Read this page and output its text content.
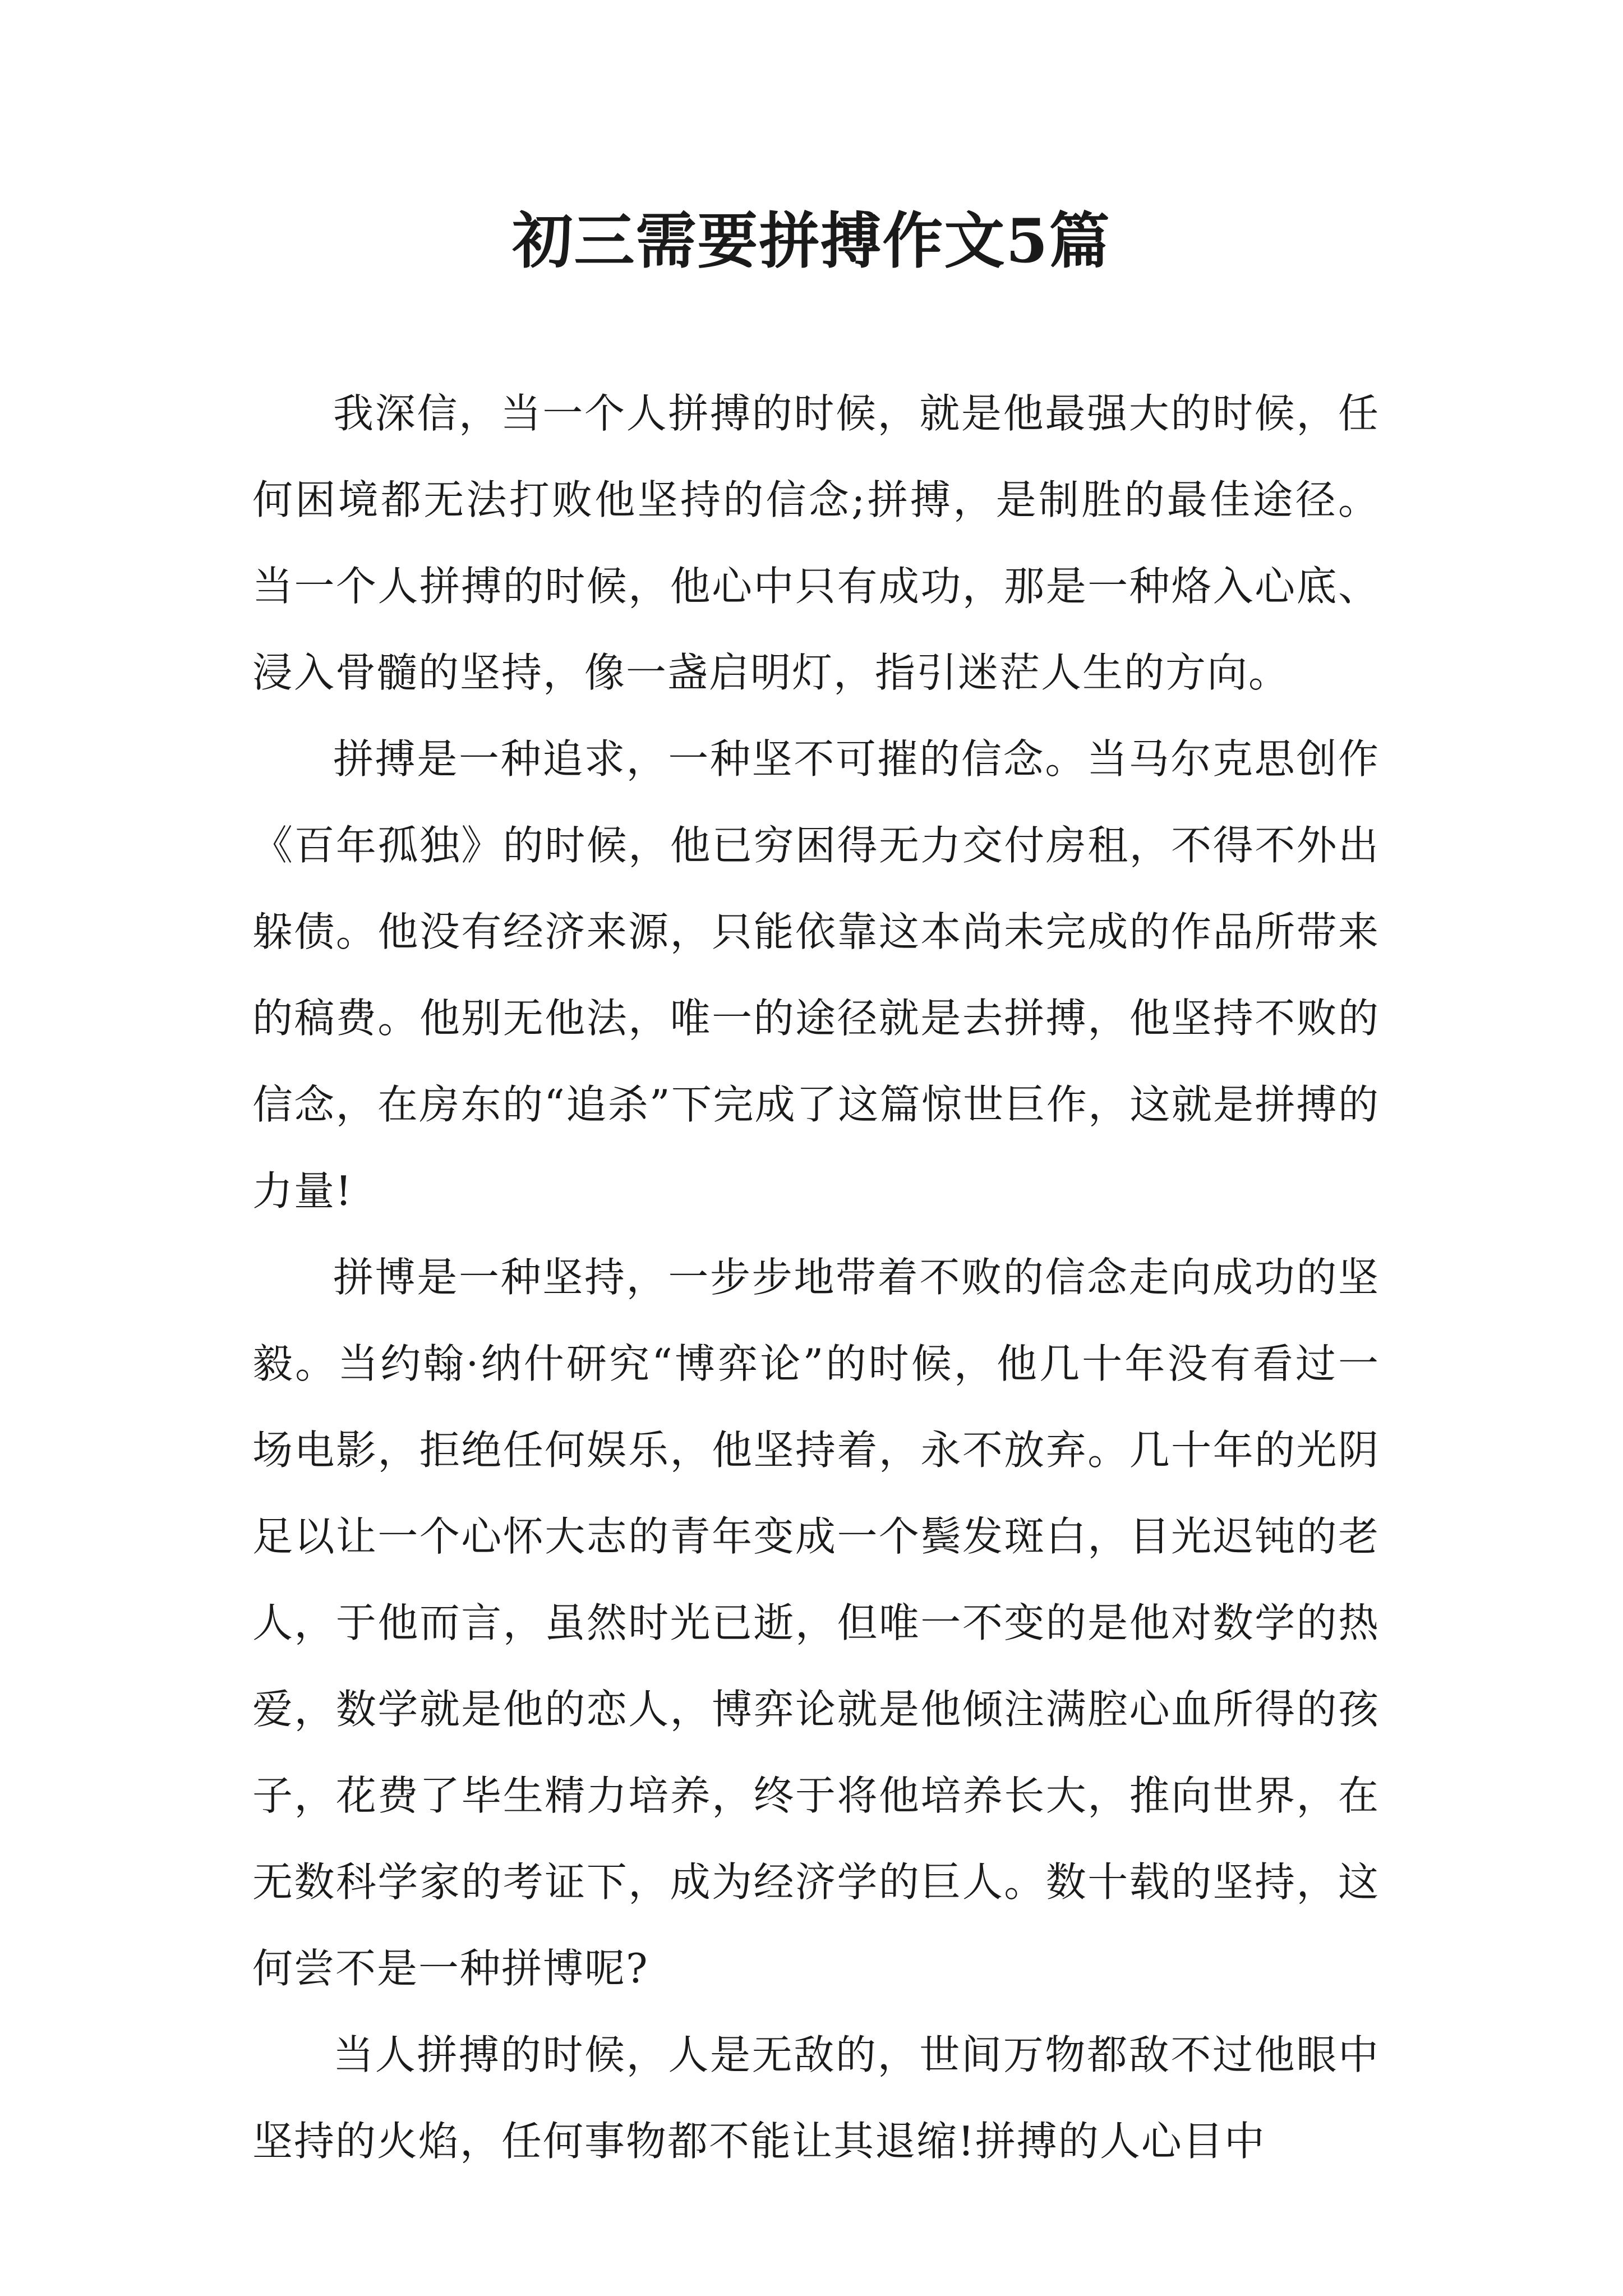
初三需要拼搏作文5篇

我深信，当一个人拼搏的时候，就是他最强大的时候，任何困境都无法打败他坚持的信念;拼搏，是制胜的最佳途径。当一个人拼搏的时候，他心中只有成功，那是一种烙入心底、浸入骨髓的坚持，像一盏启明灯，指引迷茫人生的方向。

拼搏是一种追求，一种坚不可摧的信念。当马尔克思创作《百年孤独》的时候，他已穷困得无力交付房租，不得不外出躲债。他没有经济来源，只能依靠这本尚未完成的作品所带来的稿费。他别无他法，唯一的途径就是去拼搏，他坚持不败的信念，在房东的“追杀”下完成了这篇惊世巨作，这就是拼搏的力量!

拼博是一种坚持，一步步地带着不败的信念走向成功的坚毅。当约翰·纳什研究“博弈论”的时候，他几十年没有看过一场电影，拒绝任何娱乐，他坚持着，永不放弃。几十年的光阴足以让一个心怀大志的青年变成一个鬓发斑白，目光迟钝的老人，于他而言，虽然时光已逝，但唯一不变的是他对数学的热爱，数学就是他的恋人，博弈论就是他倾注满腔心血所得的孩子，花费了毕生精力培养，终于将他培养长大，推向世界，在无数科学家的考证下，成为经济学的巨人。数十载的坚持，这何尝不是一种拼博呢?

当人拼搏的时候，人是无敌的，世间万物都敌不过他眼中坚持的火焰，任何事物都不能让其退缩!拼搏的人心目中
